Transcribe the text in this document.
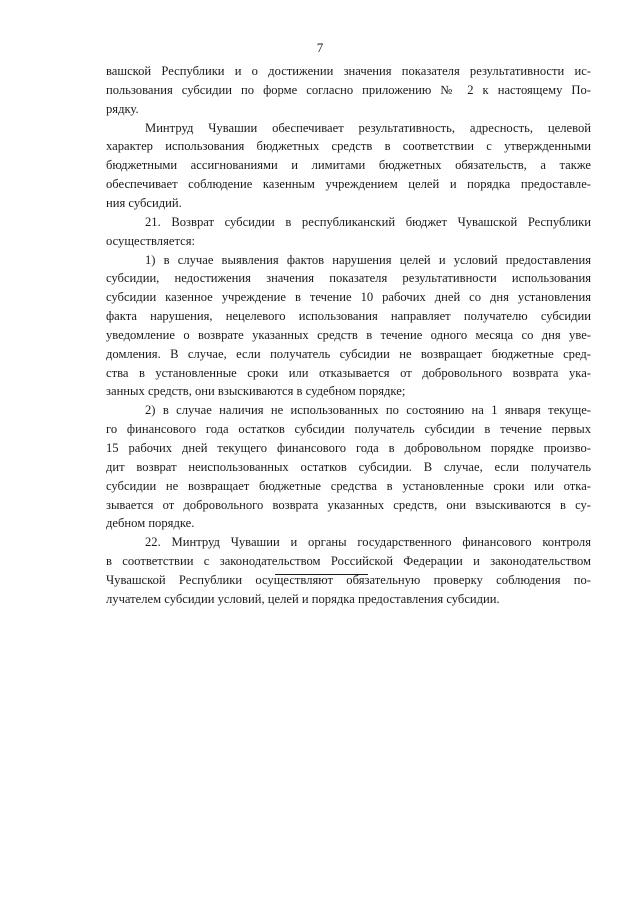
7
вашской Республики и о достижении значения показателя результативности ис-
пользования субсидии по форме согласно приложению № 2 к настоящему По-
рядку.
Минтруд Чувашии обеспечивает результативность, адресность, целевой
характер использования бюджетных средств в соответствии с утвержденными
бюджетными ассигнованиями и лимитами бюджетных обязательств, а также
обеспечивает соблюдение казенным учреждением целей и порядка предоставле-
ния субсидий.
21. Возврат субсидии в республиканский бюджет Чувашской Республики
осуществляется:
1) в случае выявления фактов нарушения целей и условий предоставления
субсидии, недостижения значения показателя результативности использования
субсидии казенное учреждение в течение 10 рабочих дней со дня установления
факта нарушения, нецелевого использования направляет получателю субсидии
уведомление о возврате указанных средств в течение одного месяца со дня уве-
домления. В случае, если получатель субсидии не возвращает бюджетные сред-
ства в установленные сроки или отказывается от добровольного возврата ука-
занных средств, они взыскиваются в судебном порядке;
2) в случае наличия не использованных по состоянию на 1 января текуще-
го финансового года остатков субсидии получатель субсидии в течение первых
15 рабочих дней текущего финансового года в добровольном порядке произво-
дит возврат неиспользованных остатков субсидии. В случае, если получатель
субсидии не возвращает бюджетные средства в установленные сроки или отка-
зывается от добровольного возврата указанных средств, они взыскиваются в су-
дебном порядке.
22. Минтруд Чувашии и органы государственного финансового контроля
в соответствии с законодательством Российской Федерации и законодательством
Чувашской Республики осуществляют обязательную проверку соблюдения по-
лучателем субсидии условий, целей и порядка предоставления субсидии.
